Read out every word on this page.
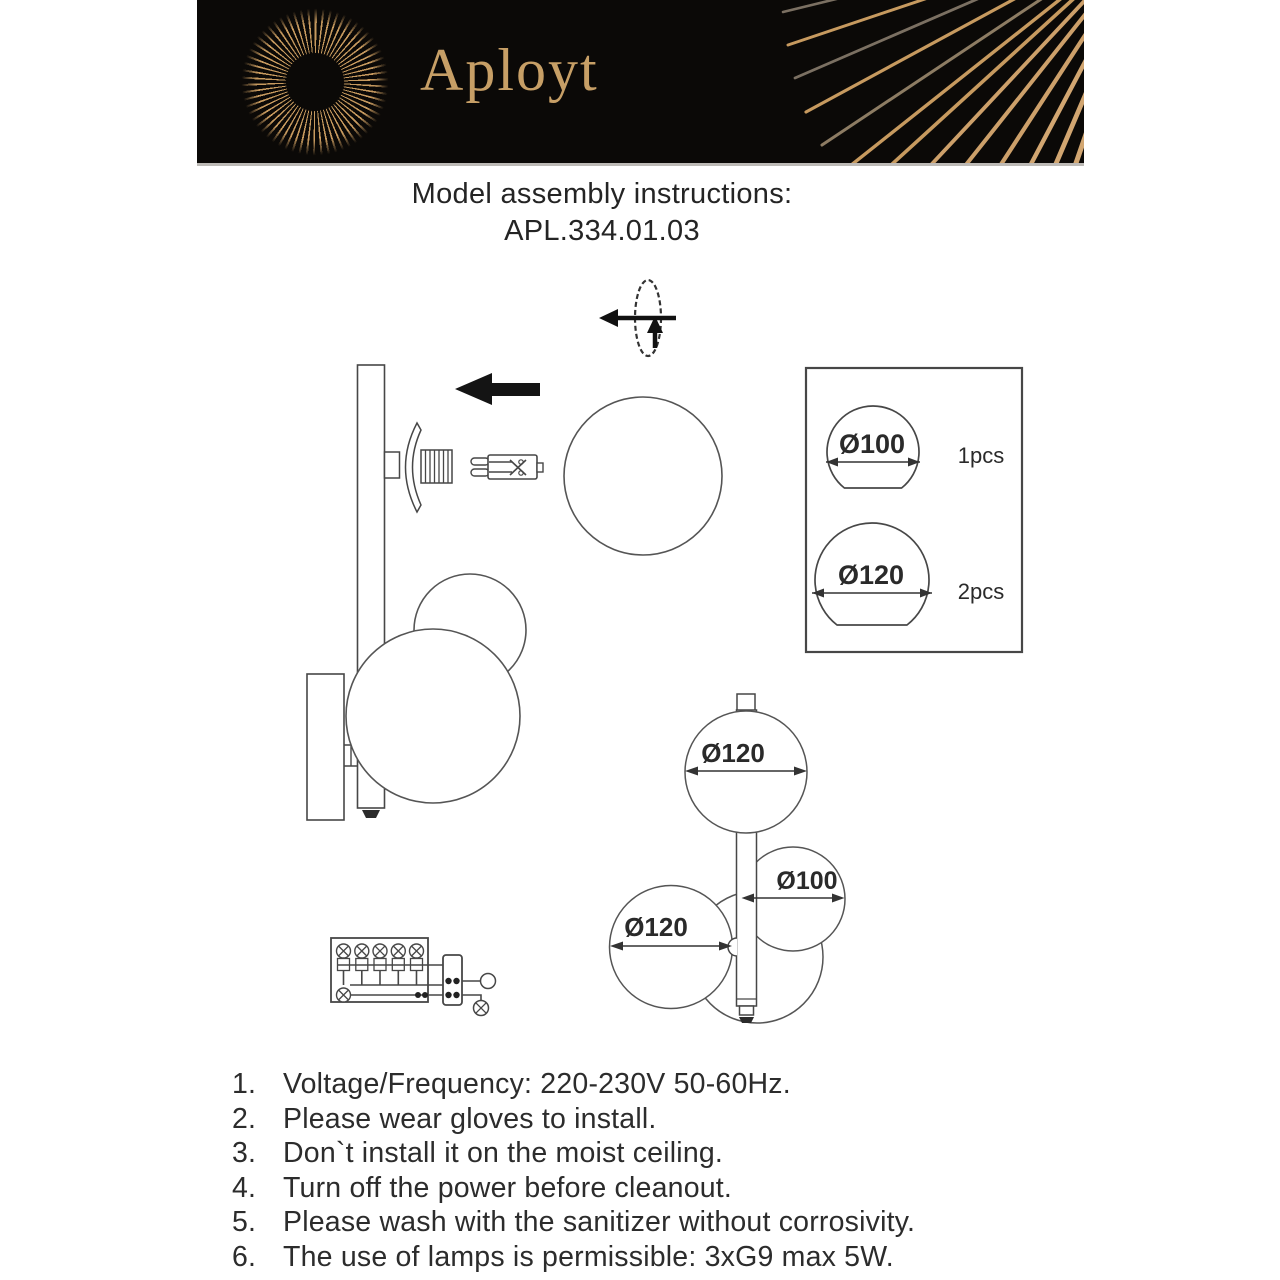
Aployt
Model assembly instructions:
APL.334.01.03
Ø100 1pcs
Ø120
2pcs
Ø120
Ø100
Ø120
1. Voltage/Frequency: 220-230V 50-60Hz.
2. Please wear gloves to install.
3. Don`t install it on the moist ceiling.
4. Turn off the power before cleanout.
5. Please wash with the sanitizer without corrosivity.
6. The use of lamps is permissible: 3xG9 max 5W.
